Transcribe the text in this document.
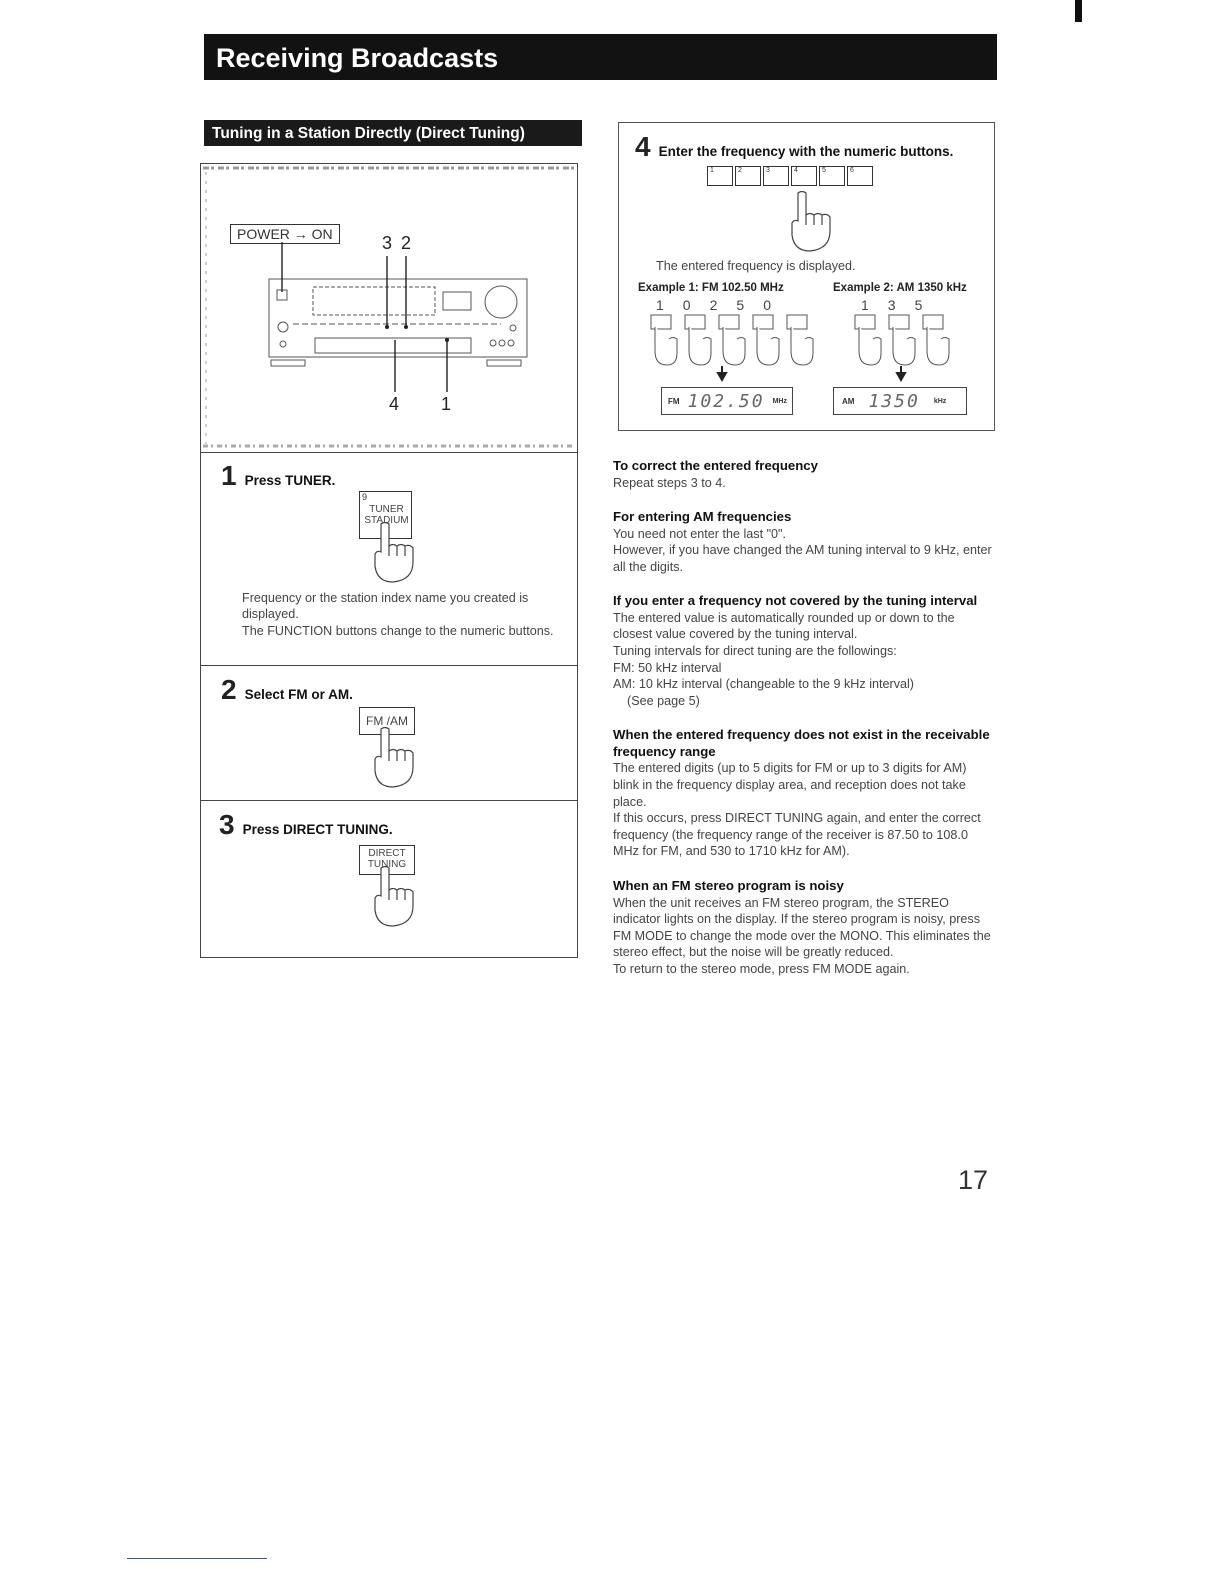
Receiving Broadcasts
Tuning in a Station Directly (Direct Tuning)
POWER → ON	3 2
4 1
1 Press TUNER.
9
TUNER
STADIUM
Frequency or the station index name you created is displayed.
The FUNCTION buttons change to the numeric buttons.
2 Select FM or AM.
FM /AM
3 Press DIRECT TUNING.
DIRECT
TUNING
4 Enter the frequency with the numeric buttons.
1	2	3	4	5	6
The entered frequency is displayed.
Example 1: FM 102.50 MHz
1 0 2 5 0
FM 102.50 MHz
Example 2: AM 1350 kHz
1 3 5
AM 1350 kHz
To correct the entered frequency
Repeat steps 3 to 4.
For entering AM frequencies
You need not enter the last "0".
However, if you have changed the AM tuning interval to 9 kHz, enter all the digits.
If you enter a frequency not covered by the tuning interval
The entered value is automatically rounded up or down to the closest value covered by the tuning interval.
Tuning intervals for direct tuning are the followings:
FM: 50 kHz interval
AM: 10 kHz interval (changeable to the 9 kHz interval)
(See page 5)
When the entered frequency does not exist in the receivable frequency range
The entered digits (up to 5 digits for FM or up to 3 digits for AM) blink in the frequency display area, and reception does not take place.
If this occurs, press DIRECT TUNING again, and enter the correct frequency (the frequency range of the receiver is 87.50 to 108.0 MHz for FM, and 530 to 1710 kHz for AM).
When an FM stereo program is noisy
When the unit receives an FM stereo program, the STEREO indicator lights on the display. If the stereo program is noisy, press FM MODE to change the mode over the MONO. This eliminates the stereo effect, but the noise will be greatly reduced.
To return to the stereo mode, press FM MODE again.
17
